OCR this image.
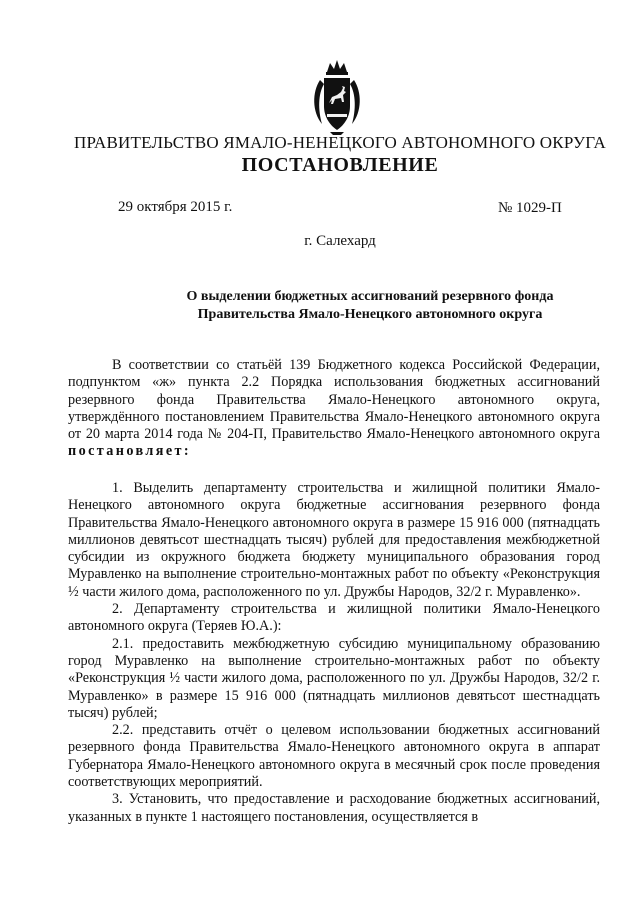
ПРАВИТЕЛЬСТВО ЯМАЛО-НЕНЕЦКОГО АВТОНОМНОГО ОКРУГА
ПОСТАНОВЛЕНИЕ
29 октября 2015 г.	№ 1029-П
г. Салехард
О выделении бюджетных ассигнований резервного фонда
Правительства Ямало-Ненецкого автономного округа

В соответствии со статьёй 139 Бюджетного кодекса Российской Федерации, подпунктом «ж» пункта 2.2 Порядка использования бюджетных ассигнований резервного фонда Правительства Ямало-Ненецкого автономного округа, утверждённого постановлением Правительства Ямало-Ненецкого автономного округа от 20 марта 2014 года № 204-П, Правительство Ямало-Ненецкого автономного округа постановляет:

1. Выделить департаменту строительства и жилищной политики Ямало-Ненецкого автономного округа бюджетные ассигнования резервного фонда Правительства Ямало-Ненецкого автономного округа в размере 15 916 000 (пятнадцать миллионов девятьсот шестнадцать тысяч) рублей для предоставления межбюджетной субсидии из окружного бюджета бюджету муниципального образования город Муравленко на выполнение строительно-монтажных работ по объекту «Реконструкция ½ части жилого дома, расположенного по ул. Дружбы Народов, 32/2 г. Муравленко».

2. Департаменту строительства и жилищной политики Ямало-Ненецкого автономного округа (Теряев Ю.А.):

2.1. предоставить межбюджетную субсидию муниципальному образованию город Муравленко на выполнение строительно-монтажных работ по объекту «Реконструкция ½ части жилого дома, расположенного по ул. Дружбы Народов, 32/2 г. Муравленко» в размере 15 916 000 (пятнадцать миллионов девятьсот шестнадцать тысяч) рублей;

2.2. представить отчёт о целевом использовании бюджетных ассигнований резервного фонда Правительства Ямало-Ненецкого автономного округа в аппарат Губернатора Ямало-Ненецкого автономного округа в месячный срок после проведения соответствующих мероприятий.

3. Установить, что предоставление и расходование бюджетных ассигнований, указанных в пункте 1 настоящего постановления, осуществляется в
